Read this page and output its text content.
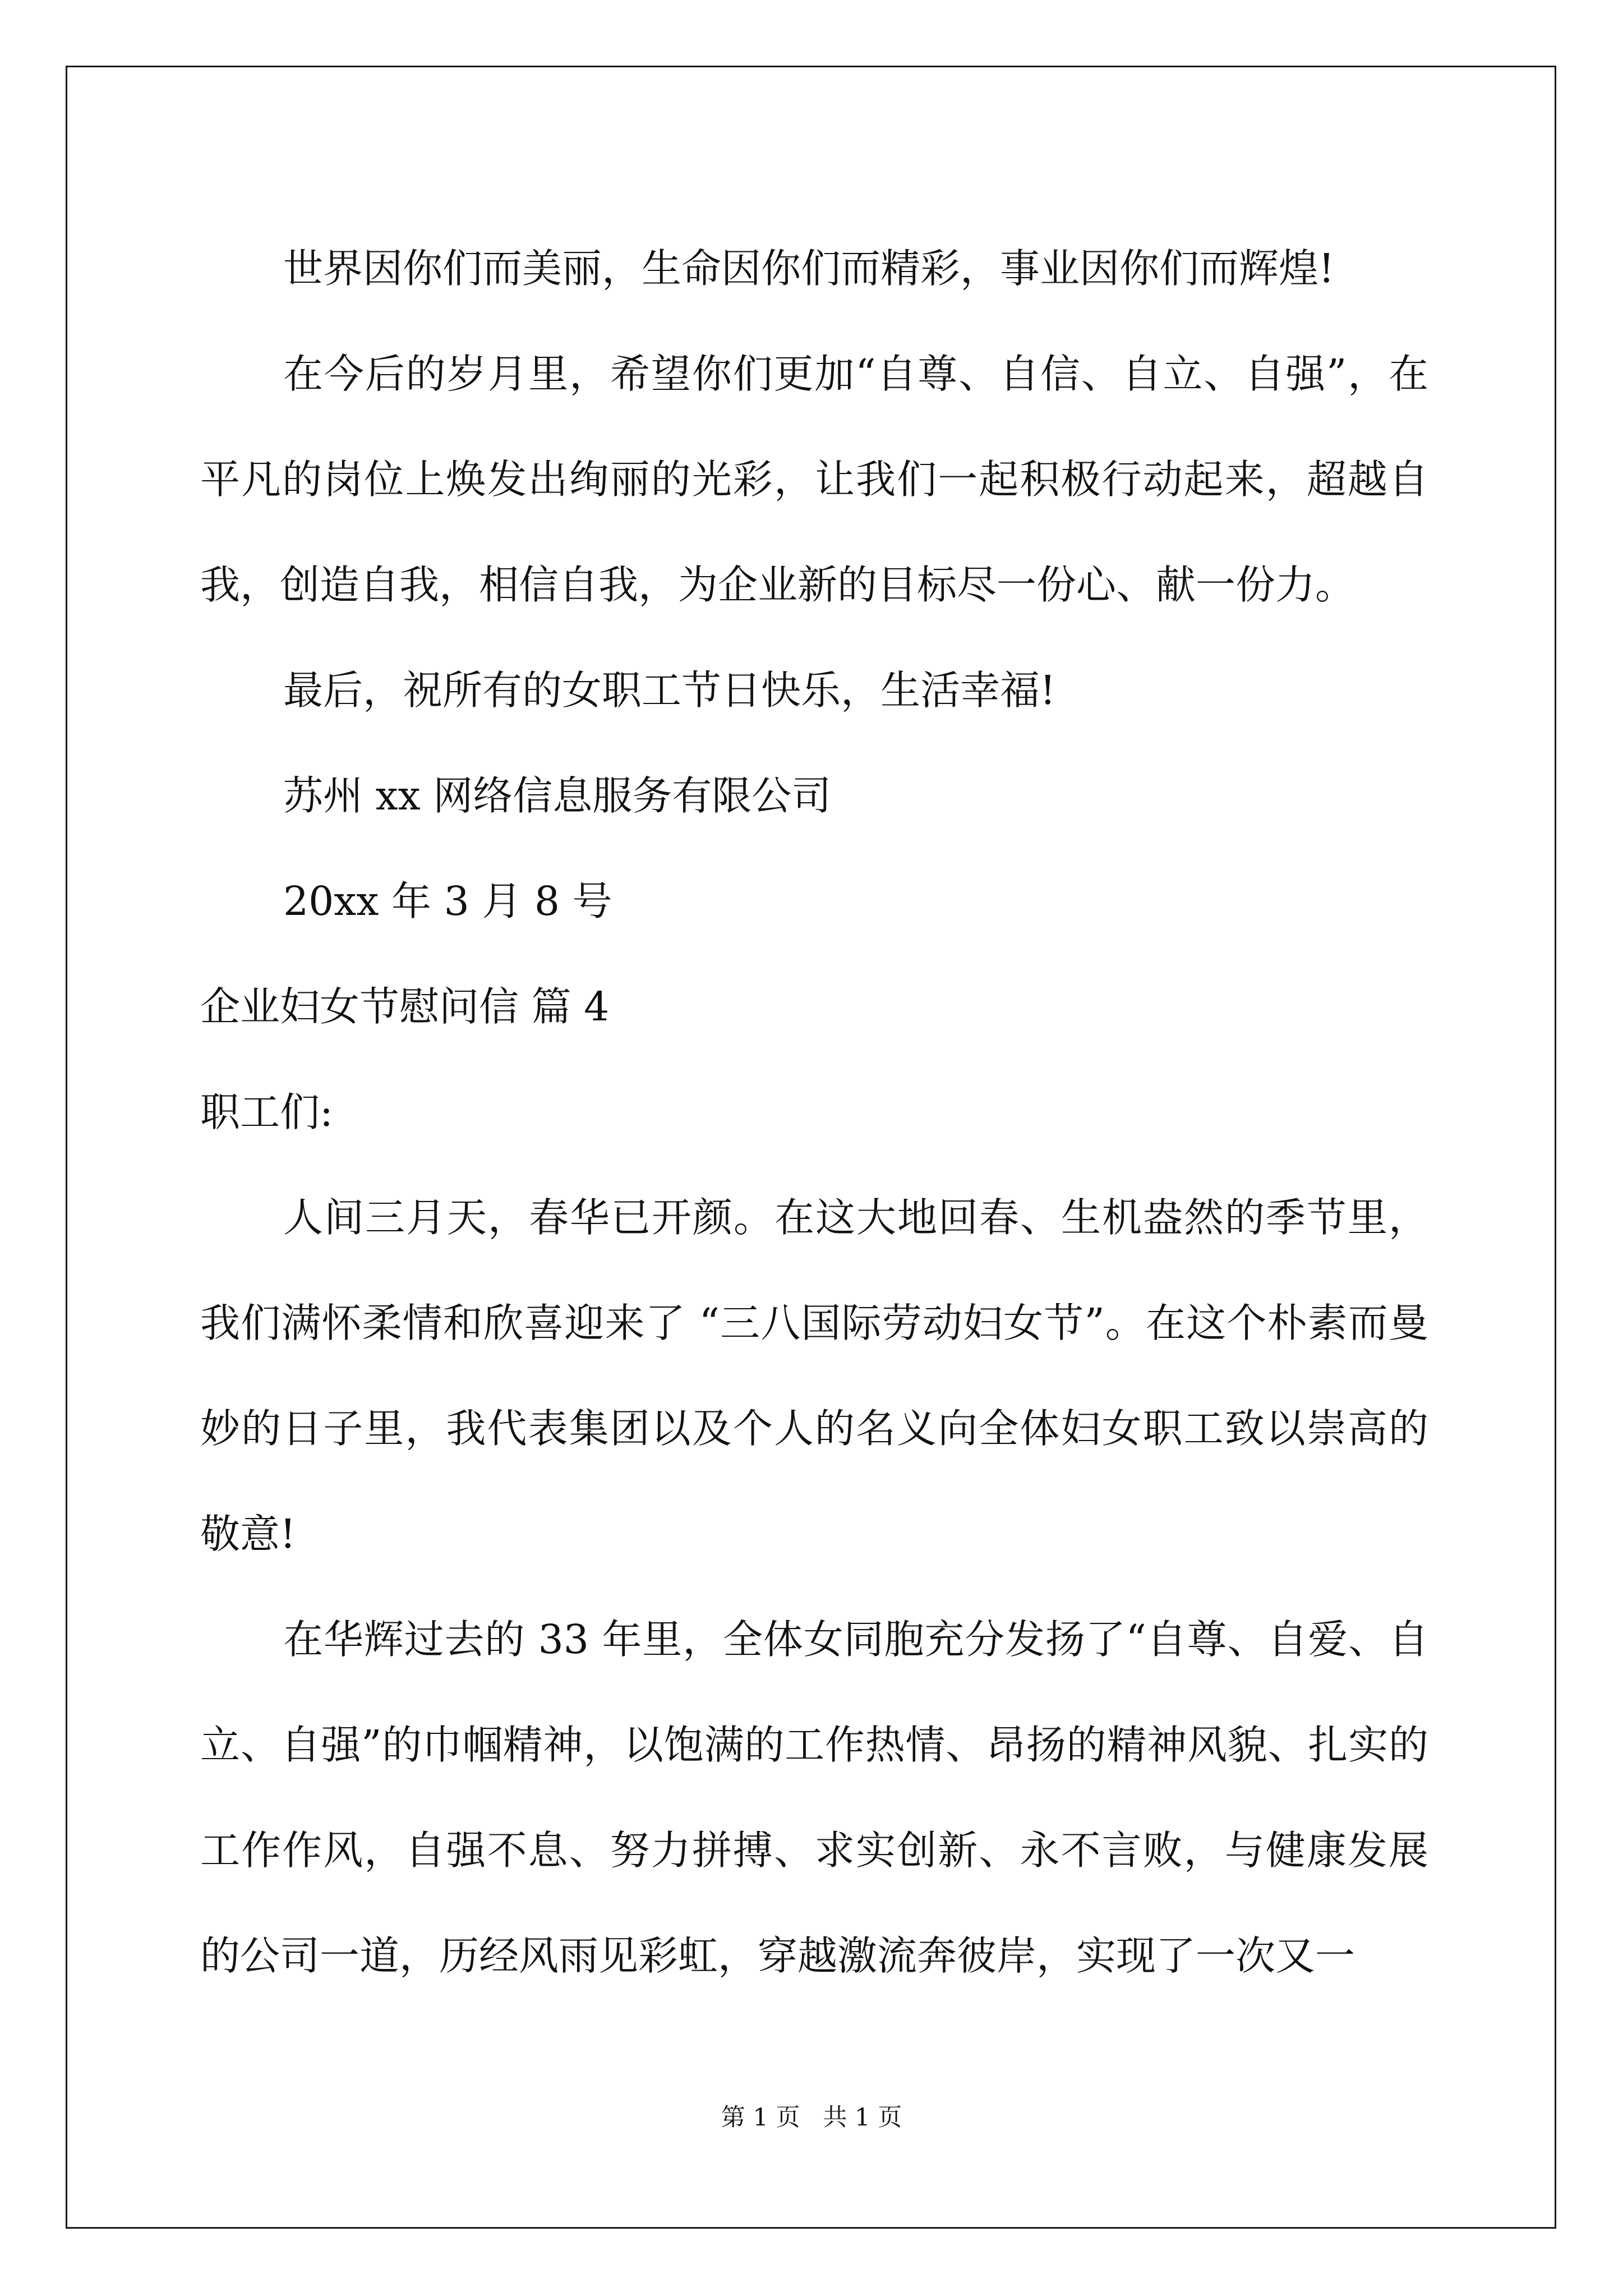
世界因你们而美丽，生命因你们而精彩，事业因你们而辉煌!

在今后的岁月里，希望你们更加“自尊、自信、自立、自强”，在平凡的岗位上焕发出绚丽的光彩，让我们一起积极行动起来，超越自我，创造自我，相信自我，为企业新的目标尽一份心、献一份力。

最后，祝所有的女职工节日快乐，生活幸福!

苏州 xx 网络信息服务有限公司

20xx 年 3 月 8 号

企业妇女节慰问信 篇 4

职工们:

人间三月天，春华已开颜。在这大地回春、生机盎然的季节里，我们满怀柔情和欣喜迎来了 “三八国际劳动妇女节”。在这个朴素而曼妙的日子里，我代表集团以及个人的名义向全体妇女职工致以崇高的敬意!

在华辉过去的 33 年里，全体女同胞充分发扬了“自尊、自爱、自立、自强”的巾帼精神，以饱满的工作热情、昂扬的精神风貌、扎实的工作作风，自强不息、努力拼搏、求实创新、永不言败，与健康发展的公司一道，历经风雨见彩虹，穿越激流奔彼岸，实现了一次又一

第 1 页 共 1 页
